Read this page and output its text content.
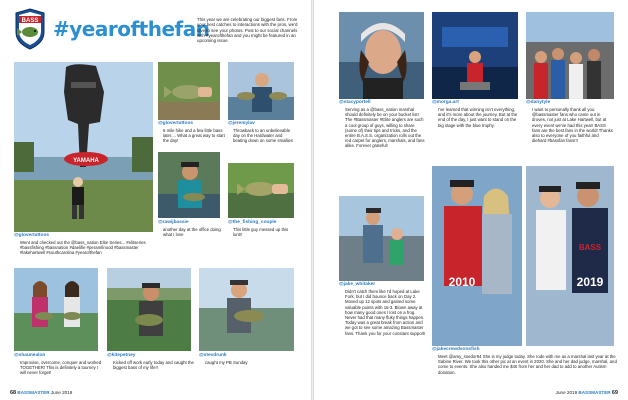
BASS #yearofthefan
This year we are celebrating our biggest fans. From your best catches to interactions with the pros, we'd love to see your photos. Post to our social channels with #yearofthefan and you might be featured in an upcoming issue.
YAMAHA
@glovertattoos
Went and checked out the @bass_nation Elite Series... #elitseries #bassfishing #bassnation #daelifie #peramfinood #bassmaster #lakehartwell #southcarolina #yearofthefan
@glovertattoos
6 mile hike and a few little bass later.... What a great way to start the day!
@jeremylav
Throwback to an unbelievable day on the Hardwater and beating down on some smallies
@rawijbassie
another day at the office doing what I love
@the_fishing_couple
This little guy messed up this lunt!!
@shaunealon
Improvise, overcome, conquer and worked TOGETHER! This is definitely a tourney I will never forget!
@kitepetney
Kicked off work early today and caught the biggest bass of my life!!
@stevdrunk
caught my PB Sunday
68 BASSMASTER June 2019
@stacyportell
Serving as a @bass_nation marshal should definitely be on your bucket list! The #Bassmaster #Elite anglers are such a cool group of guys, willing to share (some of) their tips and tricks, and the entire B.A.S.S. organization rolls out the red carpet for anglers, marshals, and fans alike. Forever grateful!
@morga.art
I've learned that winning isn't everything, and it's more about the journey. But at the end of the day, I just want to stand on the big stage with the blue trophy.
@danytyle
I want to personally thank all you @bassmaster fans who came out in droves, not just at Lake Hartwell, but at every event we've had this year! BASS fans are the best fans in the world! Thanks also to everyone of you faithful and diehard #bassfan fans!!!
@jake_whitaker
Didn't catch them like I'd hoped at Lake Fork, but I did bounce back on Day 2. Moved up 12 spots and gained some valuable points with 16-3. Blown away at how many good ones I lost on a frog. Never had that many fluky things happen. Today was a great break from action and we got to see some amazing Bassmaster fans. Thank you for your constant support!
2010
BASS
2019
@jakecrewdsonsfish
Meet @amy_snedor94 She is my judge today. She rode with me as a marshal last year at the Sabine River. We took this other pic at an event in 2020. She and her dad judge, marshal, and come to events. She also handed me $40 from her and her dad to add to another Autism donation.
June 2019 BASSMASTER 69
